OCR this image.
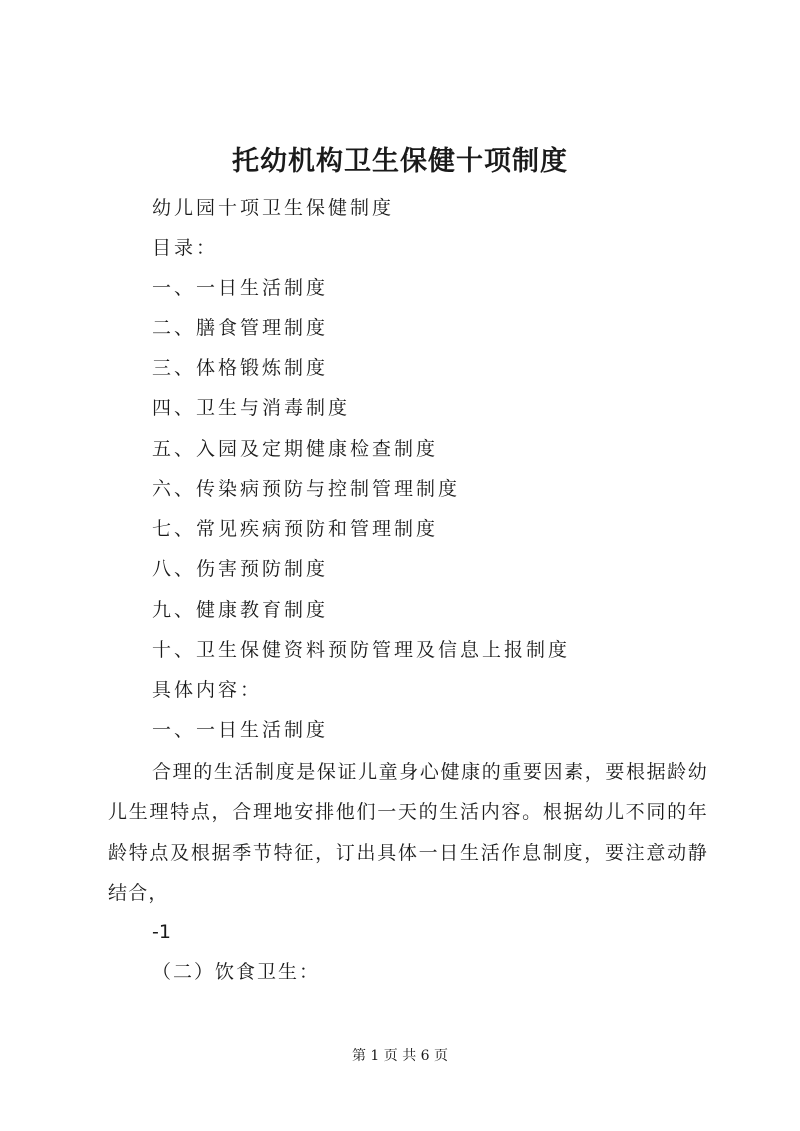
托幼机构卫生保健十项制度
幼儿园十项卫生保健制度
目录：
一、一日生活制度
二、膳食管理制度
三、体格锻炼制度
四、卫生与消毒制度
五、入园及定期健康检查制度
六、传染病预防与控制管理制度
七、常见疾病预防和管理制度
八、伤害预防制度
九、健康教育制度
十、卫生保健资料预防管理及信息上报制度
具体内容：
一、一日生活制度

合理的生活制度是保证儿童身心健康的重要因素，要根据龄幼儿生理特点，合理地安排他们一天的生活内容。根据幼儿不同的年龄特点及根据季节特征，订出具体一日生活作息制度，要注意动静结合，

-1
（二）饮食卫生：
第 1 页 共 6 页
